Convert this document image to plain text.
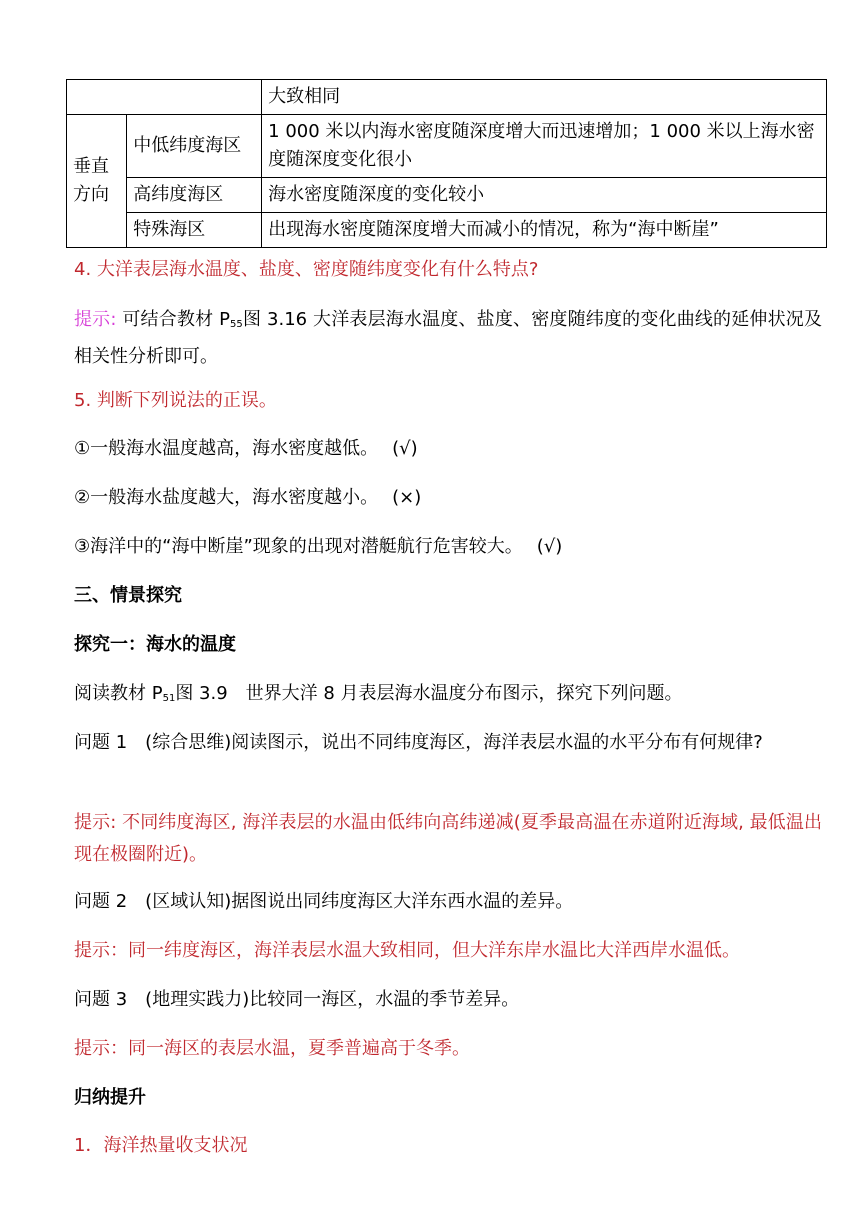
		大致相同
垂直方向	中低纬度海区	1 000 米以内海水密度随深度增大而迅速增加；1 000 米以上海水密度随深度变化很小
	高纬度海区	海水密度随深度的变化较小
	特殊海区	出现海水密度随深度增大而减小的情况，称为“海中断崖”
4. 大洋表层海水温度、盐度、密度随纬度变化有什么特点?
提示: 可结合教材 $P_{55}$图 3.16 大洋表层海水温度、盐度、密度随纬度的变化曲线的延伸状况及相关性分析即可。
5. 判断下列说法的正误。
①一般海水温度越高，海水密度越低。 (√)
②一般海水盐度越大，海水密度越小。 (×)
③海洋中的“海中断崖”现象的出现对潜艇航行危害较大。 (√)
三、情景探究
探究一：海水的温度
阅读教材 $P_{51}$图 3.9　世界大洋 8 月表层海水温度分布图示，探究下列问题。
问题 1　(综合思维)阅读图示，说出不同纬度海区，海洋表层水温的水平分布有何规律?
提示: 不同纬度海区, 海洋表层的水温由低纬向高纬递减(夏季最高温在赤道附近海域, 最低温出现在极圈附近)。
问题 2　(区域认知)据图说出同纬度海区大洋东西水温的差异。
提示：同一纬度海区，海洋表层水温大致相同，但大洋东岸水温比大洋西岸水温低。
问题 3　(地理实践力)比较同一海区，水温的季节差异。
提示：同一海区的表层水温，夏季普遍高于冬季。
归纳提升
1．海洋热量收支状况
